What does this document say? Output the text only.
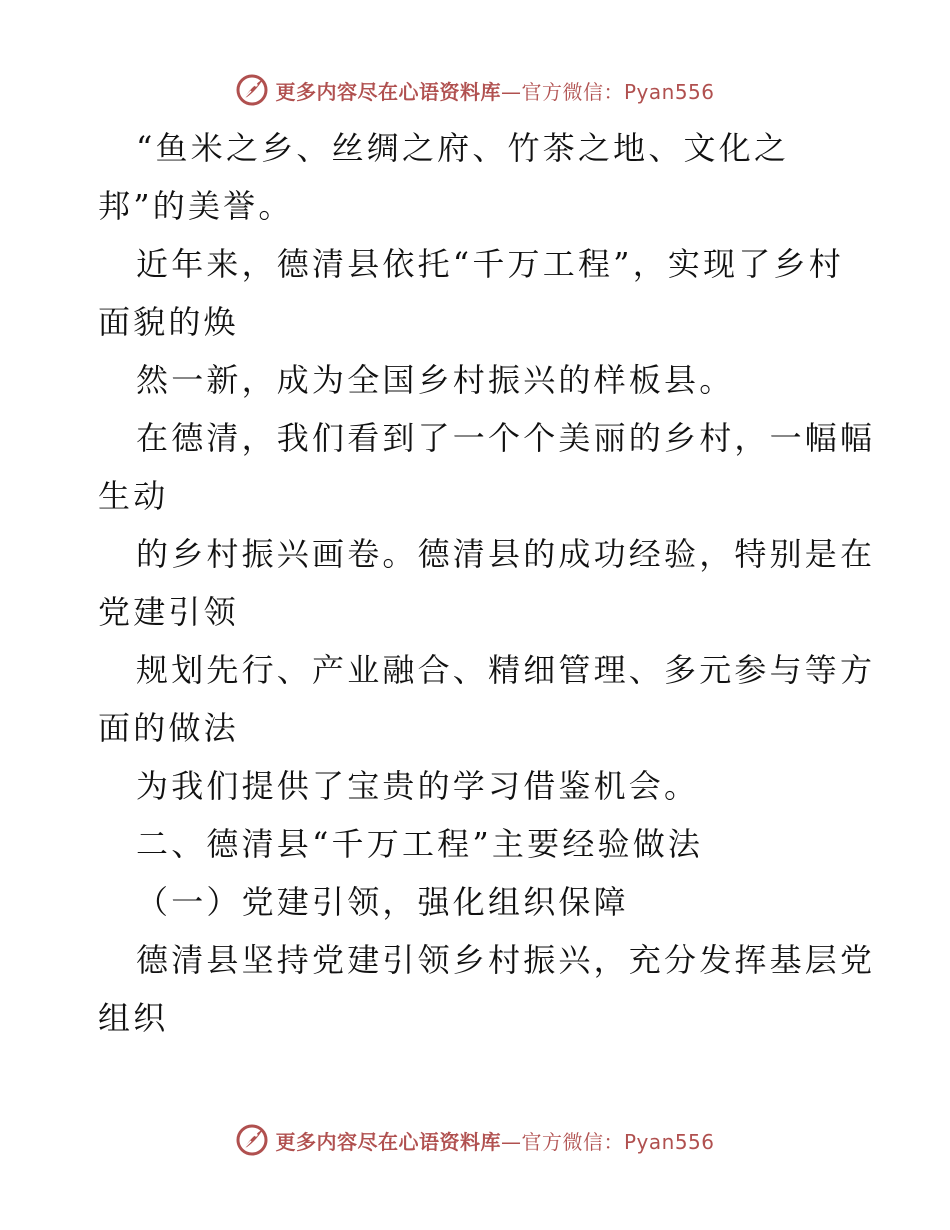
更多内容尽在心语资料库—官方微信：Pyan556
“鱼米之乡、丝绸之府、竹茶之地、文化之
邦”的美誉。
近年来，德清县依托“千万工程”，实现了乡村
面貌的焕
然一新，成为全国乡村振兴的样板县。
在德清，我们看到了一个个美丽的乡村，一幅幅
生动
的乡村振兴画卷。德清县的成功经验，特别是在
党建引领
规划先行、产业融合、精细管理、多元参与等方
面的做法
为我们提供了宝贵的学习借鉴机会。
二、德清县“千万工程”主要经验做法
（一）党建引领，强化组织保障
德清县坚持党建引领乡村振兴，充分发挥基层党
组织
更多内容尽在心语资料库—官方微信：Pyan556
